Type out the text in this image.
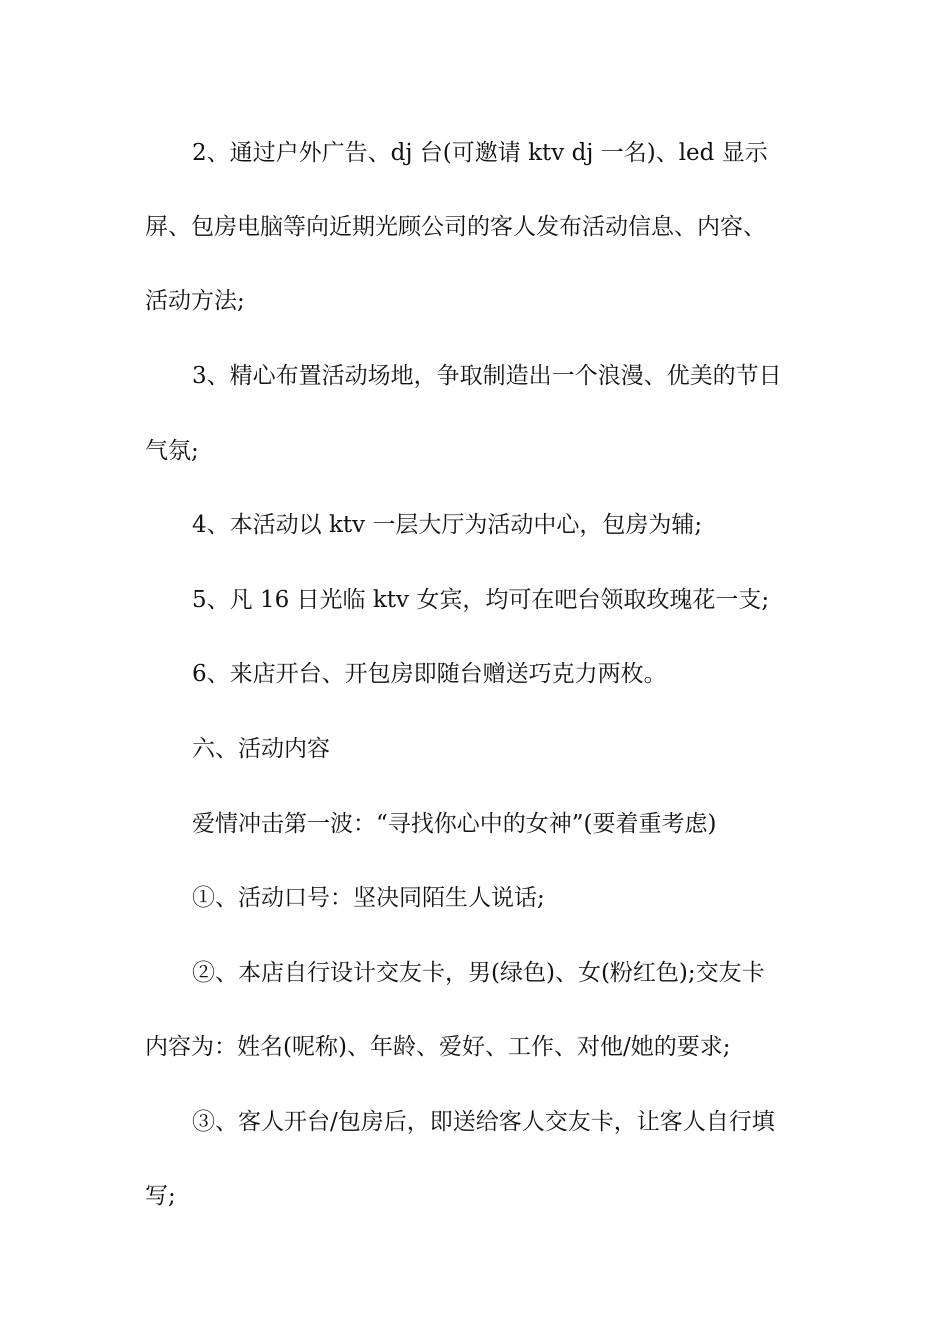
2、通过户外广告、dj 台(可邀请 ktv dj 一名)、led 显示
屏、包房电脑等向近期光顾公司的客人发布活动信息、内容、
活动方法;
3、精心布置活动场地，争取制造出一个浪漫、优美的节日
气氛;
4、本活动以 ktv 一层大厅为活动中心，包房为辅;
5、凡 16 日光临 ktv 女宾，均可在吧台领取玫瑰花一支;
6、来店开台、开包房即随台赠送巧克力两枚。
六、活动内容
爱情冲击第一波：“寻找你心中的女神”(要着重考虑)
①、活动口号：坚决同陌生人说话;
②、本店自行设计交友卡，男(绿色)、女(粉红色);交友卡
内容为：姓名(呢称)、年龄、爱好、工作、对他/她的要求;
③、客人开台/包房后，即送给客人交友卡，让客人自行填
写;
